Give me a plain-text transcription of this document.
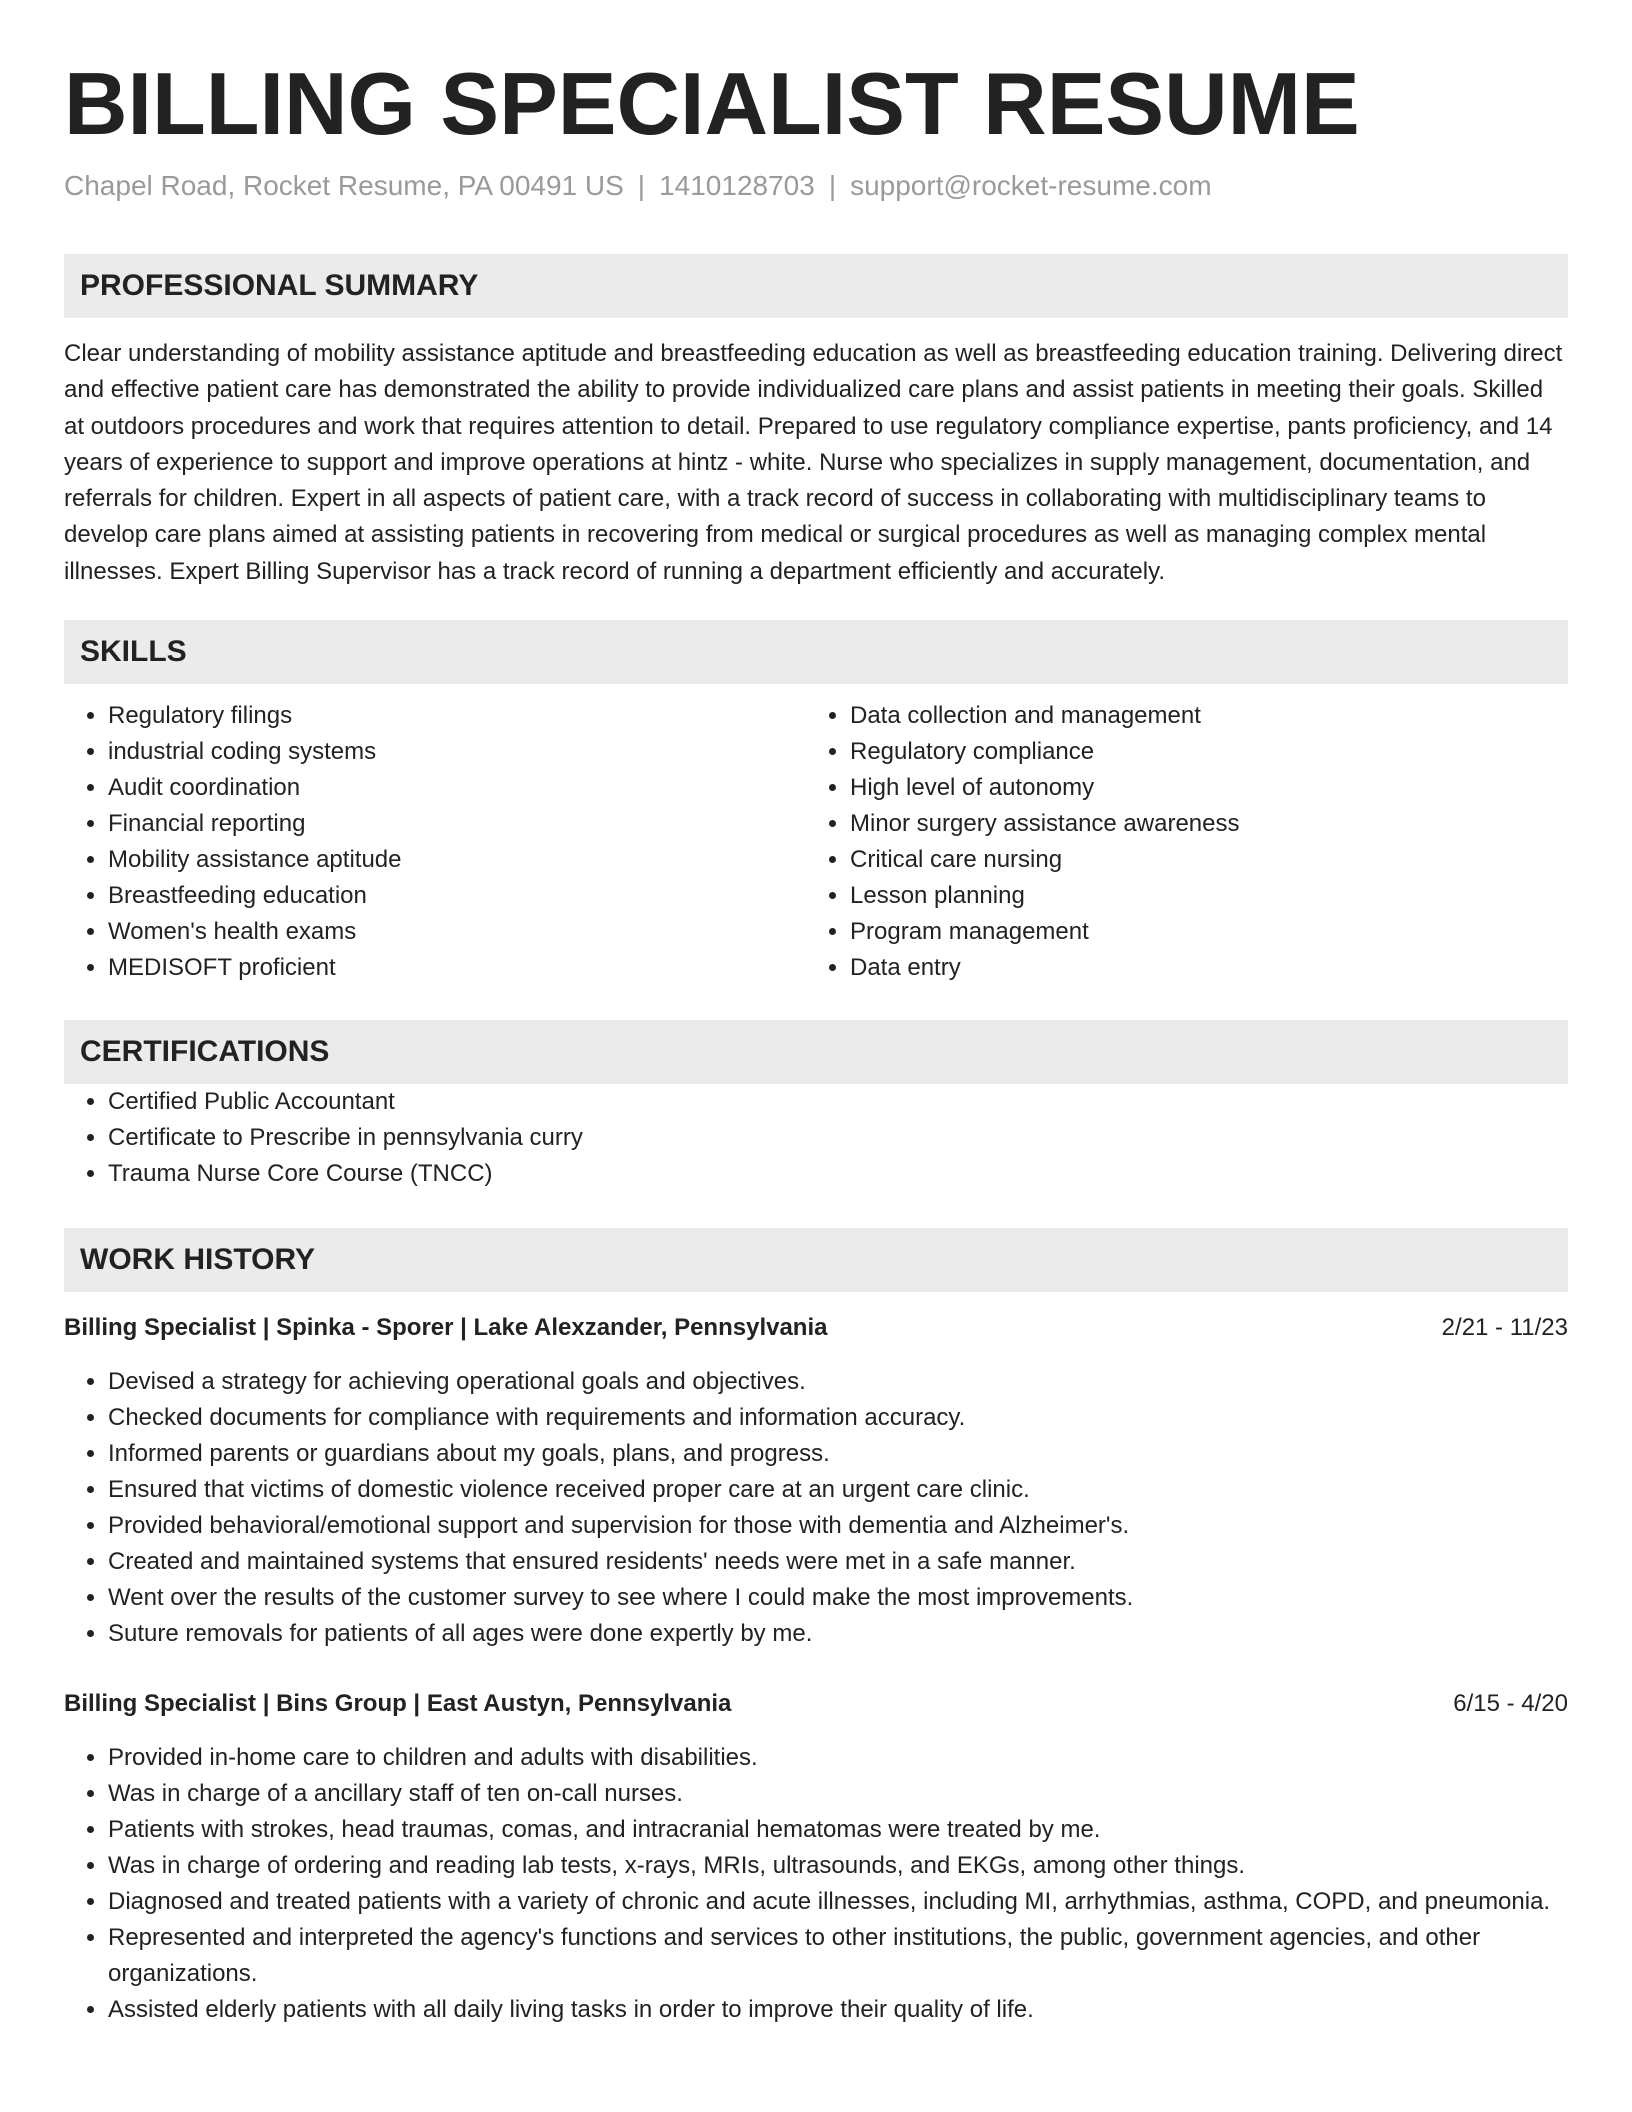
BILLING SPECIALIST RESUME
Chapel Road, Rocket Resume, PA 00491 US | 1410128703 | support@rocket-resume.com
PROFESSIONAL SUMMARY

Clear understanding of mobility assistance aptitude and breastfeeding education as well as breastfeeding education training. Delivering direct and effective patient care has demonstrated the ability to provide individualized care plans and assist patients in meeting their goals. Skilled at outdoors procedures and work that requires attention to detail. Prepared to use regulatory compliance expertise, pants proficiency, and 14 years of experience to support and improve operations at hintz - white. Nurse who specializes in supply management, documentation, and referrals for children. Expert in all aspects of patient care, with a track record of success in collaborating with multidisciplinary teams to develop care plans aimed at assisting patients in recovering from medical or surgical procedures as well as managing complex mental illnesses. Expert Billing Supervisor has a track record of running a department efficiently and accurately.

SKILLS
• Regulatory filings
• industrial coding systems
• Audit coordination
• Financial reporting
• Mobility assistance aptitude
• Breastfeeding education
• Women's health exams
• MEDISOFT proficient
• Data collection and management
• Regulatory compliance
• High level of autonomy
• Minor surgery assistance awareness
• Critical care nursing
• Lesson planning
• Program management
• Data entry
CERTIFICATIONS
• Certified Public Accountant
• Certificate to Prescribe in pennsylvania curry
• Trauma Nurse Core Course (TNCC)
WORK HISTORY
Billing Specialist | Spinka - Sporer | Lake Alexzander, Pennsylvania	2/21 - 11/23
• Devised a strategy for achieving operational goals and objectives.
• Checked documents for compliance with requirements and information accuracy.
• Informed parents or guardians about my goals, plans, and progress.
• Ensured that victims of domestic violence received proper care at an urgent care clinic.
• Provided behavioral/emotional support and supervision for those with dementia and Alzheimer's.
• Created and maintained systems that ensured residents' needs were met in a safe manner.
• Went over the results of the customer survey to see where I could make the most improvements.
• Suture removals for patients of all ages were done expertly by me.
Billing Specialist | Bins Group | East Austyn, Pennsylvania	6/15 - 4/20
• Provided in-home care to children and adults with disabilities.
• Was in charge of a ancillary staff of ten on-call nurses.
• Patients with strokes, head traumas, comas, and intracranial hematomas were treated by me.
• Was in charge of ordering and reading lab tests, x-rays, MRIs, ultrasounds, and EKGs, among other things.
• Diagnosed and treated patients with a variety of chronic and acute illnesses, including MI, arrhythmias, asthma, COPD, and pneumonia.
• Represented and interpreted the agency's functions and services to other institutions, the public, government agencies, and other organizations.
• Assisted elderly patients with all daily living tasks in order to improve their quality of life.
